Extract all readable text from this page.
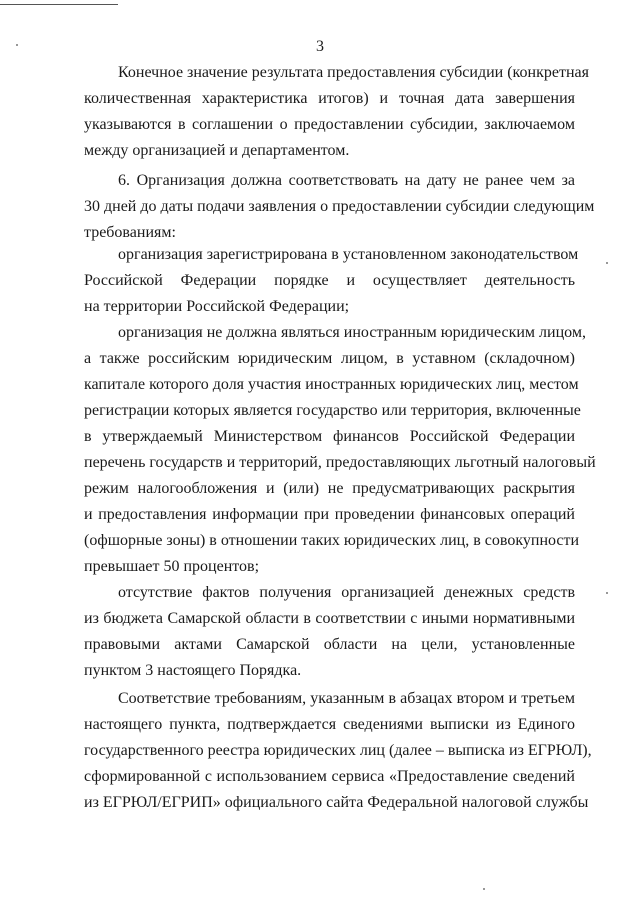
3
Конечное значение результата предоставления субсидии (конкретная
количественная характеристика итогов) и точная дата завершения
указываются в соглашении о предоставлении субсидии, заключаемом
между организацией и департаментом.
6. Организация должна соответствовать на дату не ранее чем за
30 дней до даты подачи заявления о предоставлении субсидии следующим
требованиям:
организация зарегистрирована в установленном законодательством
Российской Федерации порядке и осуществляет деятельность
на территории Российской Федерации;
организация не должна являться иностранным юридическим лицом,
а также российским юридическим лицом, в уставном (складочном)
капитале которого доля участия иностранных юридических лиц, местом
регистрации которых является государство или территория, включенные
в утверждаемый Министерством финансов Российской Федерации
перечень государств и территорий, предоставляющих льготный налоговый
режим налогообложения и (или) не предусматривающих раскрытия
и предоставления информации при проведении финансовых операций
(офшорные зоны) в отношении таких юридических лиц, в совокупности
превышает 50 процентов;
отсутствие фактов получения организацией денежных средств
из бюджета Самарской области в соответствии с иными нормативными
правовыми актами Самарской области на цели, установленные
пунктом 3 настоящего Порядка.
Соответствие требованиям, указанным в абзацах втором и третьем
настоящего пункта, подтверждается сведениями выписки из Единого
государственного реестра юридических лиц (далее – выписка из ЕГРЮЛ),
сформированной с использованием сервиса «Предоставление сведений
из ЕГРЮЛ/ЕГРИП» официального сайта Федеральной налоговой службы
